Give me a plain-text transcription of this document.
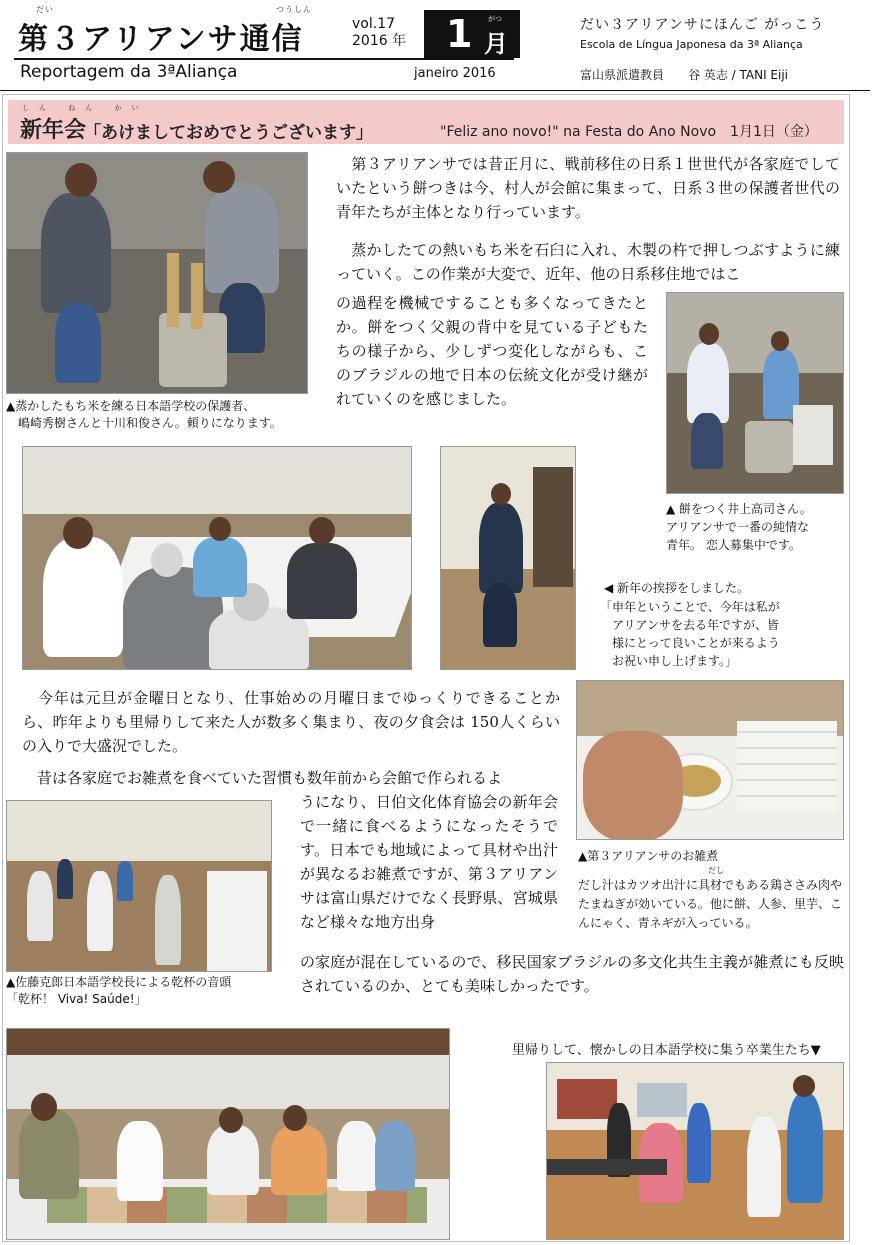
だい	つうしん
第３アリアンサ通信	vol.17
2016 年 1 がつ
月
Reportagem da 3ªAliança	janeiro 2016
だい３アリアンサにほんご がっこう
Escola de Língua Japonesa da 3ª Aliança
富山県派遣教員　　谷 英志 / TANI Eiji
しん ねん かい
新年会
「あけましておめでとうございます」	"Feliz ano novo!" na Festa do Ano Novo　1月1日（金）
▲蒸かしたもち米を練る日本語学校の保護者、
　嶋崎秀樹さんと十川和俊さん。頼りになります。
　第３アリアンサでは昔正月に、戦前移住の日系１世世代が各家庭でしていたという餅つきは今、村人が会館に集まって、日系３世の保護者世代の青年たちが主体となり行っています。
　蒸かしたての熱いもち米を石臼に入れ、木製の杵で押しつぶすように練っていく。この作業が大変で、近年、他の日系移住地ではこ
の過程を機械ですることも多くなってきたとか。餅をつく父親の背中を見ている子どもたちの様子から、少しずつ変化しながらも、このブラジルの地で日本の伝統文化が受け継がれていくのを感じました。
▲ 餅をつく井上高司さん。
アリアンサで一番の純情な
青年。 恋人募集中です。
◀ 新年の挨拶をしました。
「申年ということで、今年は私が
　アリアンサを去る年ですが、皆
　様にとって良いことが来るよう
　お祝い申し上げます。」
　今年は元旦が金曜日となり、仕事始めの月曜日までゆっくりできることから、昨年よりも里帰りして来た人が数多く集まり、夜の夕食会は 150人くらいの入りで大盛況でした。
　昔は各家庭でお雑煮を食べていた習慣も数年前から会館で作られるよ
▲第３アリアンサのお雑煮
だし
だし汁はカツオ出汁に具材でもある鶏ささみ肉やたまねぎが効いている。他に餅、人参、里芋、こんにゃく、青ネギが入っている。
▲佐藤克郎日本語学校長による乾杯の音頭
「乾杯！ Viva! Saúde!」
うになり、日伯文化体育協会の新年会で一緒に食べるようになったそうです。日本でも地域によって具材や出汁が異なるお雑煮ですが、第３アリアンサは富山県だけでなく長野県、宮城県など様々な地方出身
の家庭が混在しているので、移民国家ブラジルの多文化共生主義が雑煮にも反映されているのか、とても美味しかったです。
里帰りして、懐かしの日本語学校に集う卒業生たち▼
